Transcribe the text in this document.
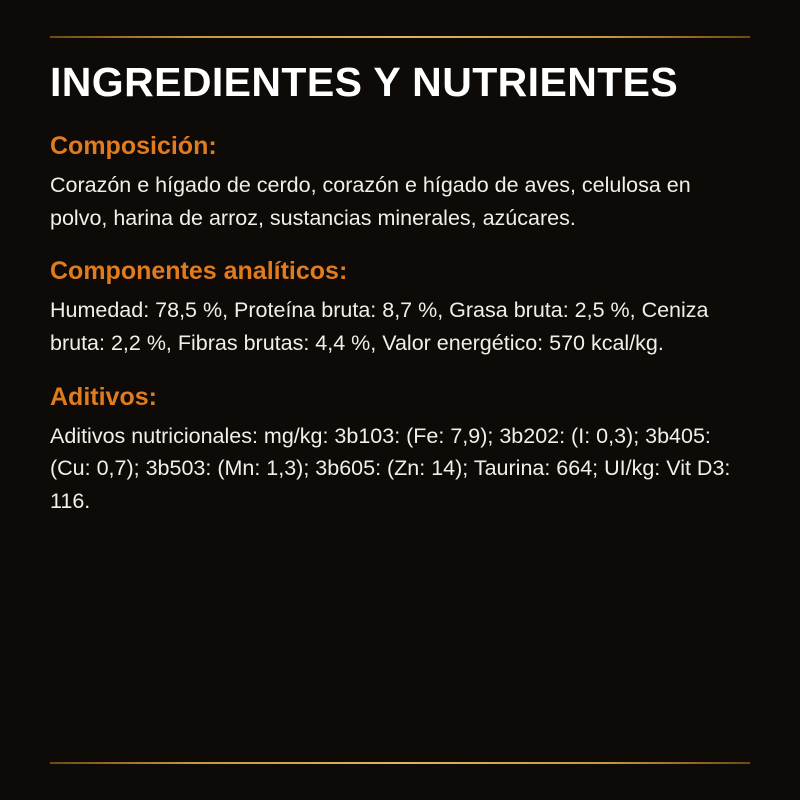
INGREDIENTES Y NUTRIENTES
Composición:

Corazón e hígado de cerdo, corazón e hígado de aves, celulosa en polvo, harina de arroz, sustancias minerales, azúcares.

Componentes analíticos:

Humedad: 78,5 %, Proteína bruta: 8,7 %, Grasa bruta: 2,5 %, Ceniza bruta: 2,2 %, Fibras brutas: 4,4 %, Valor energético: 570 kcal/kg.

Aditivos:

Aditivos nutricionales: mg/kg: 3b103: (Fe: 7,9); 3b202: (I: 0,3); 3b405: (Cu: 0,7); 3b503: (Mn: 1,3); 3b605: (Zn: 14); Taurina: 664; UI/kg: Vit D3: 116.
